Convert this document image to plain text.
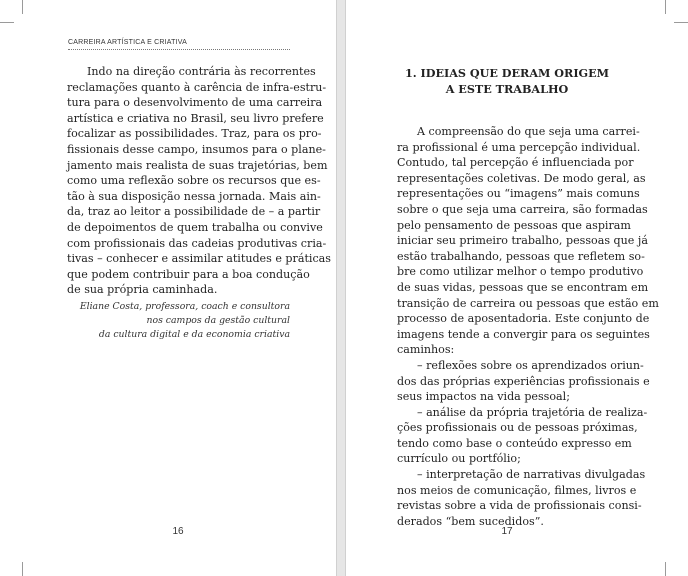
CARREIRA ARTÍSTICA E CRIATIVA
Indo na direção contrária às recorrentes
reclamações quanto à carência de infra-estru-
tura para o desenvolvimento de uma carreira
artística e criativa no Brasil, seu livro prefere
focalizar as possibilidades. Traz, para os pro-
fissionais desse campo, insumos para o plane-
jamento mais realista de suas trajetórias, bem
como uma reflexão sobre os recursos que es-
tão à sua disposição nessa jornada. Mais ain-
da, traz ao leitor a possibilidade de – a partir
de depoimentos de quem trabalha ou convive
com profissionais das cadeias produtivas cria-
tivas – conhecer e assimilar atitudes e práticas
que podem contribuir para a boa condução
de sua própria caminhada.
Eliane Costa, professora, coach e consultora
nos campos da gestão cultural
da cultura digital e da economia criativa
16
1. IDEIAS QUE DERAM ORIGEM
A ESTE TRABALHO
A compreensão do que seja uma carrei-
ra profissional é uma percepção individual.
Contudo, tal percepção é influenciada por
representações coletivas. De modo geral, as
representações ou “imagens” mais comuns
sobre o que seja uma carreira, são formadas
pelo pensamento de pessoas que aspiram
iniciar seu primeiro trabalho, pessoas que já
estão trabalhando, pessoas que refletem so-
bre como utilizar melhor o tempo produtivo
de suas vidas, pessoas que se encontram em
transição de carreira ou pessoas que estão em
processo de aposentadoria. Este conjunto de
imagens tende a convergir para os seguintes
caminhos:
– reflexões sobre os aprendizados oriun-
dos das próprias experiências profissionais e
seus impactos na vida pessoal;
– análise da própria trajetória de realiza-
ções profissionais ou de pessoas próximas,
tendo como base o conteúdo expresso em
currículo ou portfólio;
– interpretação de narrativas divulgadas
nos meios de comunicação, filmes, livros e
revistas sobre a vida de profissionais consi-
derados “bem sucedidos”.
17
